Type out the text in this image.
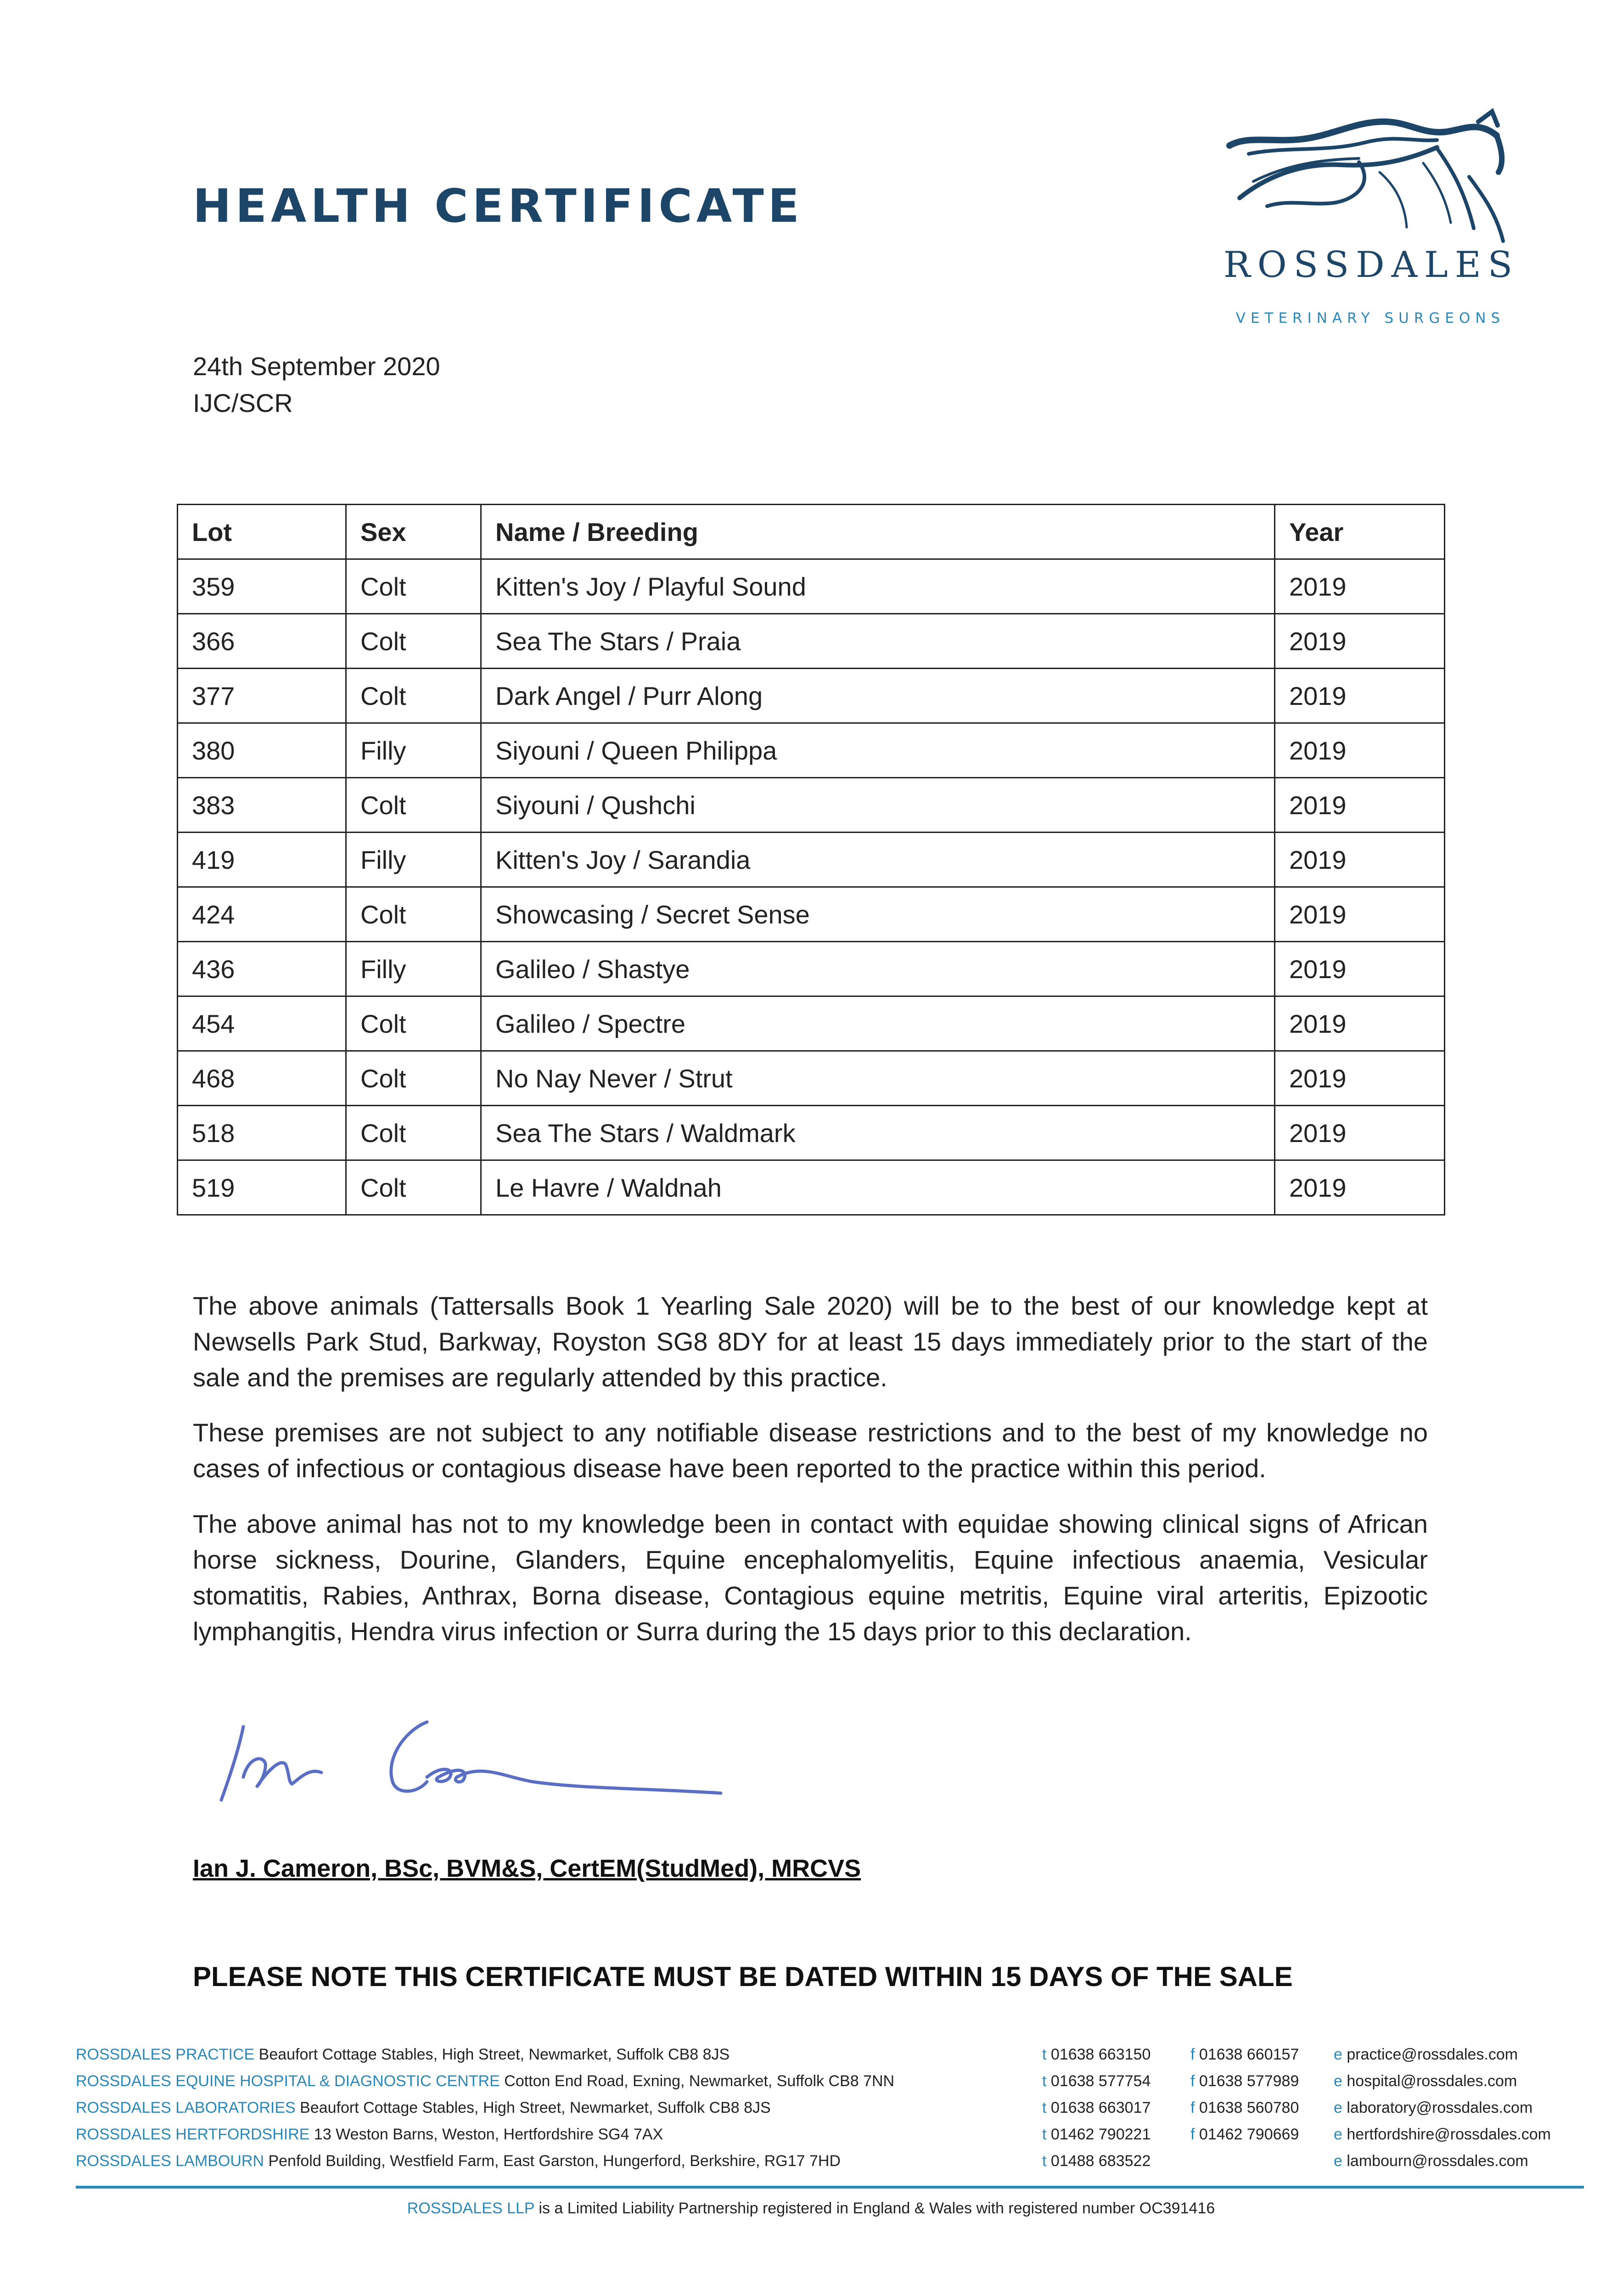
HEALTH CERTIFICATE
ROSSDALES
VETERINARY SURGEONS
24th September 2020
IJC/SCR
Lot	Sex	Name / Breeding	Year
359	Colt	Kitten's Joy / Playful Sound	2019
366	Colt	Sea The Stars / Praia	2019
377	Colt	Dark Angel / Purr Along	2019
380	Filly	Siyouni / Queen Philippa	2019
383	Colt	Siyouni / Qushchi	2019
419	Filly	Kitten's Joy / Sarandia	2019
424	Colt	Showcasing / Secret Sense	2019
436	Filly	Galileo / Shastye	2019
454	Colt	Galileo / Spectre	2019
468	Colt	No Nay Never / Strut	2019
518	Colt	Sea The Stars / Waldmark	2019
519	Colt	Le Havre / Waldnah	2019
The above animals (Tattersalls Book 1 Yearling Sale 2020) will be to the best of our knowledge kept at Newsells Park Stud, Barkway, Royston SG8 8DY for at least 15 days immediately prior to the start of the sale and the premises are regularly attended by this practice.
These premises are not subject to any notifiable disease restrictions and to the best of my knowledge no cases of infectious or contagious disease have been reported to the practice within this period.
The above animal has not to my knowledge been in contact with equidae showing clinical signs of African horse sickness, Dourine, Glanders, Equine encephalomyelitis, Equine infectious anaemia, Vesicular stomatitis, Rabies, Anthrax, Borna disease, Contagious equine metritis, Equine viral arteritis, Epizootic lymphangitis, Hendra virus infection or Surra during the 15 days prior to this declaration.
Ian J. Cameron, BSc, BVM&S, CertEM(StudMed), MRCVS
PLEASE NOTE THIS CERTIFICATE MUST BE DATED WITHIN 15 DAYS OF THE SALE
ROSSDALES PRACTICE Beaufort Cottage Stables, High Street, Newmarket, Suffolk CB8 8JS	t 01638 663150	f 01638 660157 e practice@rossdales.com
ROSSDALES EQUINE HOSPITAL & DIAGNOSTIC CENTRE Cotton End Road, Exning, Newmarket, Suffolk CB8 7NN	t 01638 577754	f 01638 577989 e hospital@rossdales.com
ROSSDALES LABORATORIES Beaufort Cottage Stables, High Street, Newmarket, Suffolk CB8 8JS	t 01638 663017	f 01638 560780 e laboratory@rossdales.com
ROSSDALES HERTFORDSHIRE 13 Weston Barns, Weston, Hertfordshire SG4 7AX	t 01462 790221	f 01462 790669 e hertfordshire@rossdales.com
ROSSDALES LAMBOURN Penfold Building, Westfield Farm, East Garston, Hungerford, Berkshire, RG17 7HD	t 01488 683522	e lambourn@rossdales.com
ROSSDALES LLP is a Limited Liability Partnership registered in England & Wales with registered number OC391416
